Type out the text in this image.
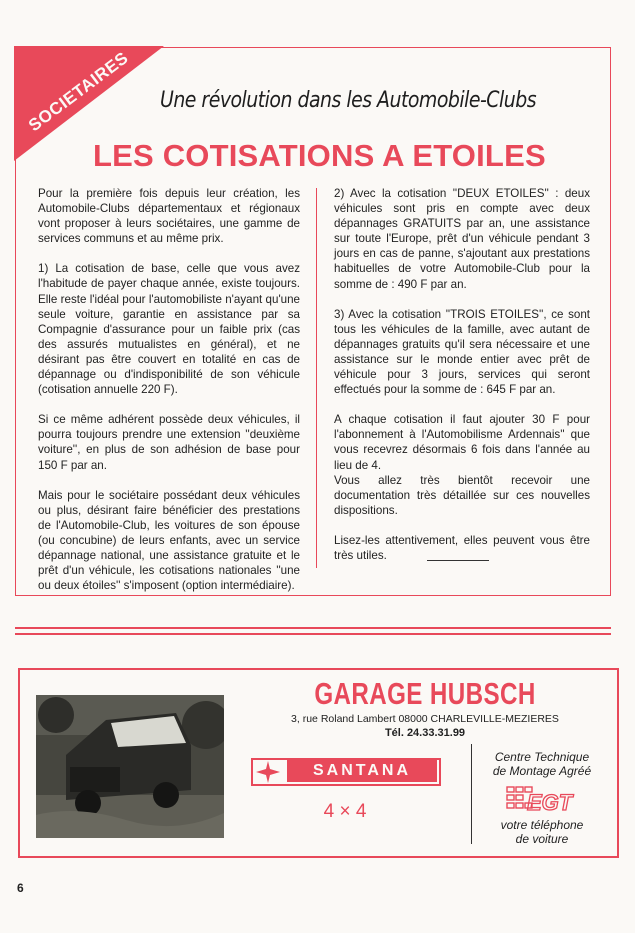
SOCIETAIRES Une révolution dans les Automobile-Clubs
LES COTISATIONS A ETOILES

Pour la première fois depuis leur création, les Automobile-Clubs départementaux et régionaux vont proposer à leurs sociétaires, une gamme de services communs et au même prix.

1) La cotisation de base, celle que vous avez l'habitude de payer chaque année, existe toujours. Elle reste l'idéal pour l'automobiliste n'ayant qu'une seule voiture, garantie en assistance par sa Compagnie d'assurance pour un faible prix (cas des assurés mutualistes en général), et ne désirant pas être couvert en totalité en cas de dépannage ou d'indisponibilité de son véhicule (cotisation annuelle 220 F).

Si ce même adhérent possède deux véhicules, il pourra toujours prendre une extension ''deuxième voiture'', en plus de son adhésion de base pour 150 F par an.

Mais pour le sociétaire possédant deux véhicules ou plus, désirant faire bénéficier des prestations de l'Automobile-Club, les voitures de son épouse (ou concubine) de leurs enfants, avec un service dépannage national, une assistance gratuite et le prêt d'un véhicule, les cotisations nationales ''une ou deux étoiles'' s'imposent (option intermédiaire).

2) Avec la cotisation ''DEUX ETOILES'' : deux véhicules sont pris en compte avec deux dépannages GRATUITS par an, une assistance sur toute l'Europe, prêt d'un véhicule pendant 3 jours en cas de panne, s'ajoutant aux prestations habituelles de votre Automobile-Club pour la somme de : 490 F par an.

3) Avec la cotisation ''TROIS ETOILES'', ce sont tous les véhicules de la famille, avec autant de dépannages gratuits qu'il sera nécessaire et une assistance sur le monde entier avec prêt de véhicule pour 3 jours, services qui seront effectués pour la somme de : 645 F par an.

A chaque cotisation il faut ajouter 30 F pour l'abonnement à l'Automobilisme Ardennais'' que vous recevrez désormais 6 fois dans l'année au lieu de 4.

Vous allez très bientôt recevoir une documentation très détaillée sur ces nouvelles dispositions.

Lisez-les attentivement, elles peuvent vous être très utiles.

GARAGE HUBSCH
3, rue Roland Lambert 08000 CHARLEVILLE-MEZIERES
Tél. 24.33.31.99
SANTANA
4 × 4
Centre Technique
de Montage Agréé
EGT
votre téléphone
de voiture
6
